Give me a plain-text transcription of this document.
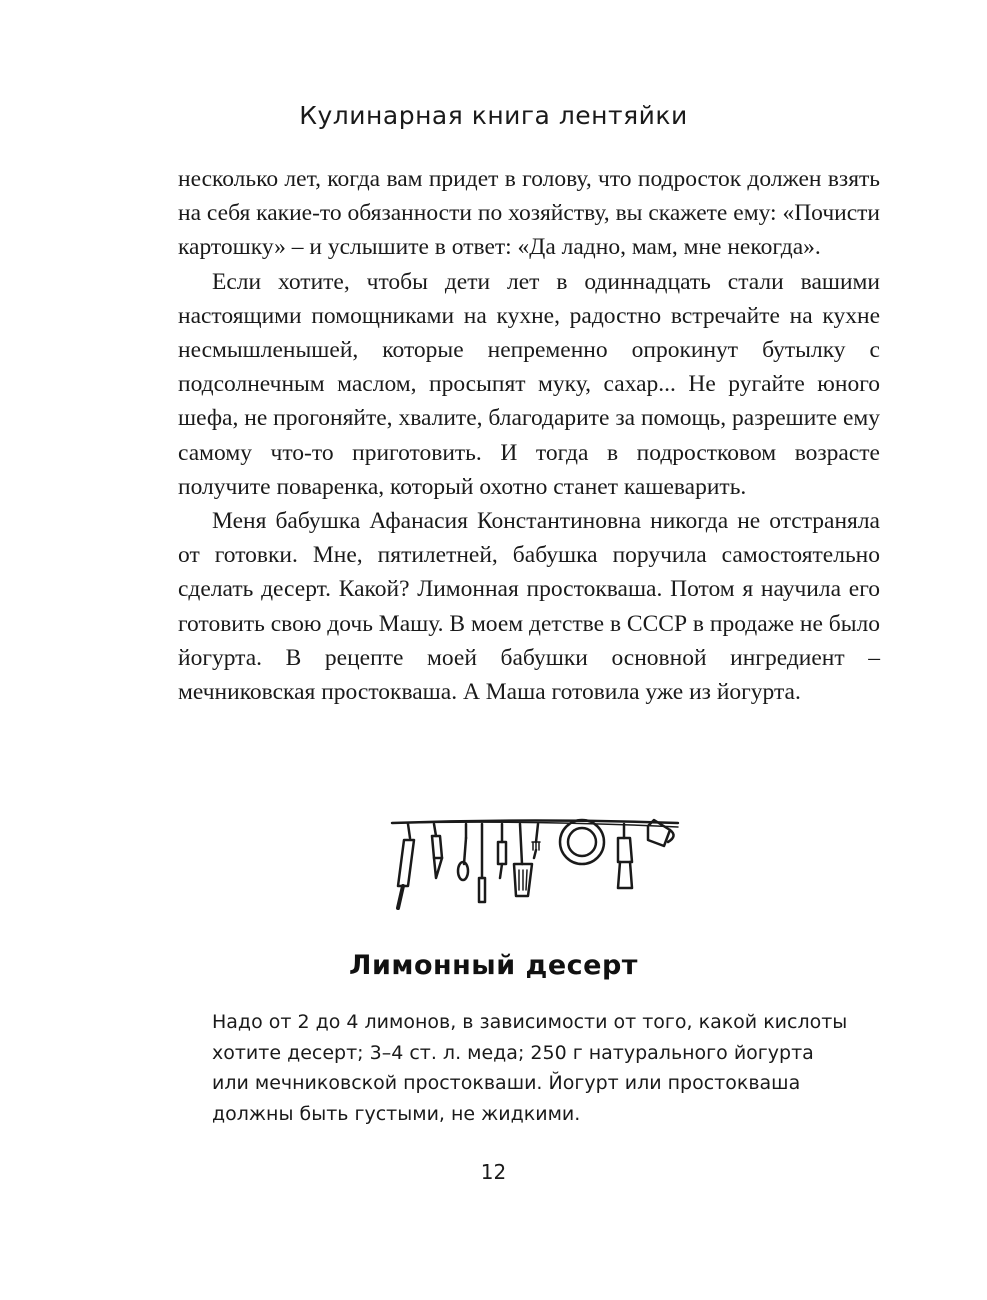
Кулинарная книга лентяйки

несколько лет, когда вам придет в голову, что подросток должен взять на себя какие-то обязанности по хозяйству, вы скажете ему: «Почисти картошку» – и услышите в ответ: «Да ладно, мам, мне некогда».

Если хотите, чтобы дети лет в одиннадцать стали вашими настоящими помощниками на кухне, радостно встречайте на кухне несмышленышей, которые непременно опрокинут бутылку с подсолнечным маслом, просыпят муку, сахар... Не ругайте юного шефа, не прогоняйте, хвалите, благодарите за помощь, разрешите ему самому что-то приготовить. И тогда в подростковом возрасте получите поваренка, который охотно станет кашеварить.

Меня бабушка Афанасия Константиновна никогда не отстраняла от готовки. Мне, пятилетней, бабушка поручила самостоятельно сделать десерт. Какой? Лимонная простокваша. Потом я научила его готовить свою дочь Машу. В моем детстве в СССР в продаже не было йогурта. В рецепте моей бабушки основной ингредиент – мечниковская простокваша. А Маша готовила уже из йогурта.

Лимонный десерт

Надо от 2 до 4 лимонов, в зависимости от того, какой кислоты хотите десерт; 3–4 ст. л. меда; 250 г натурального йогурта или мечниковской простокваши. Йогурт или простокваша должны быть густыми, не жидкими.

12
